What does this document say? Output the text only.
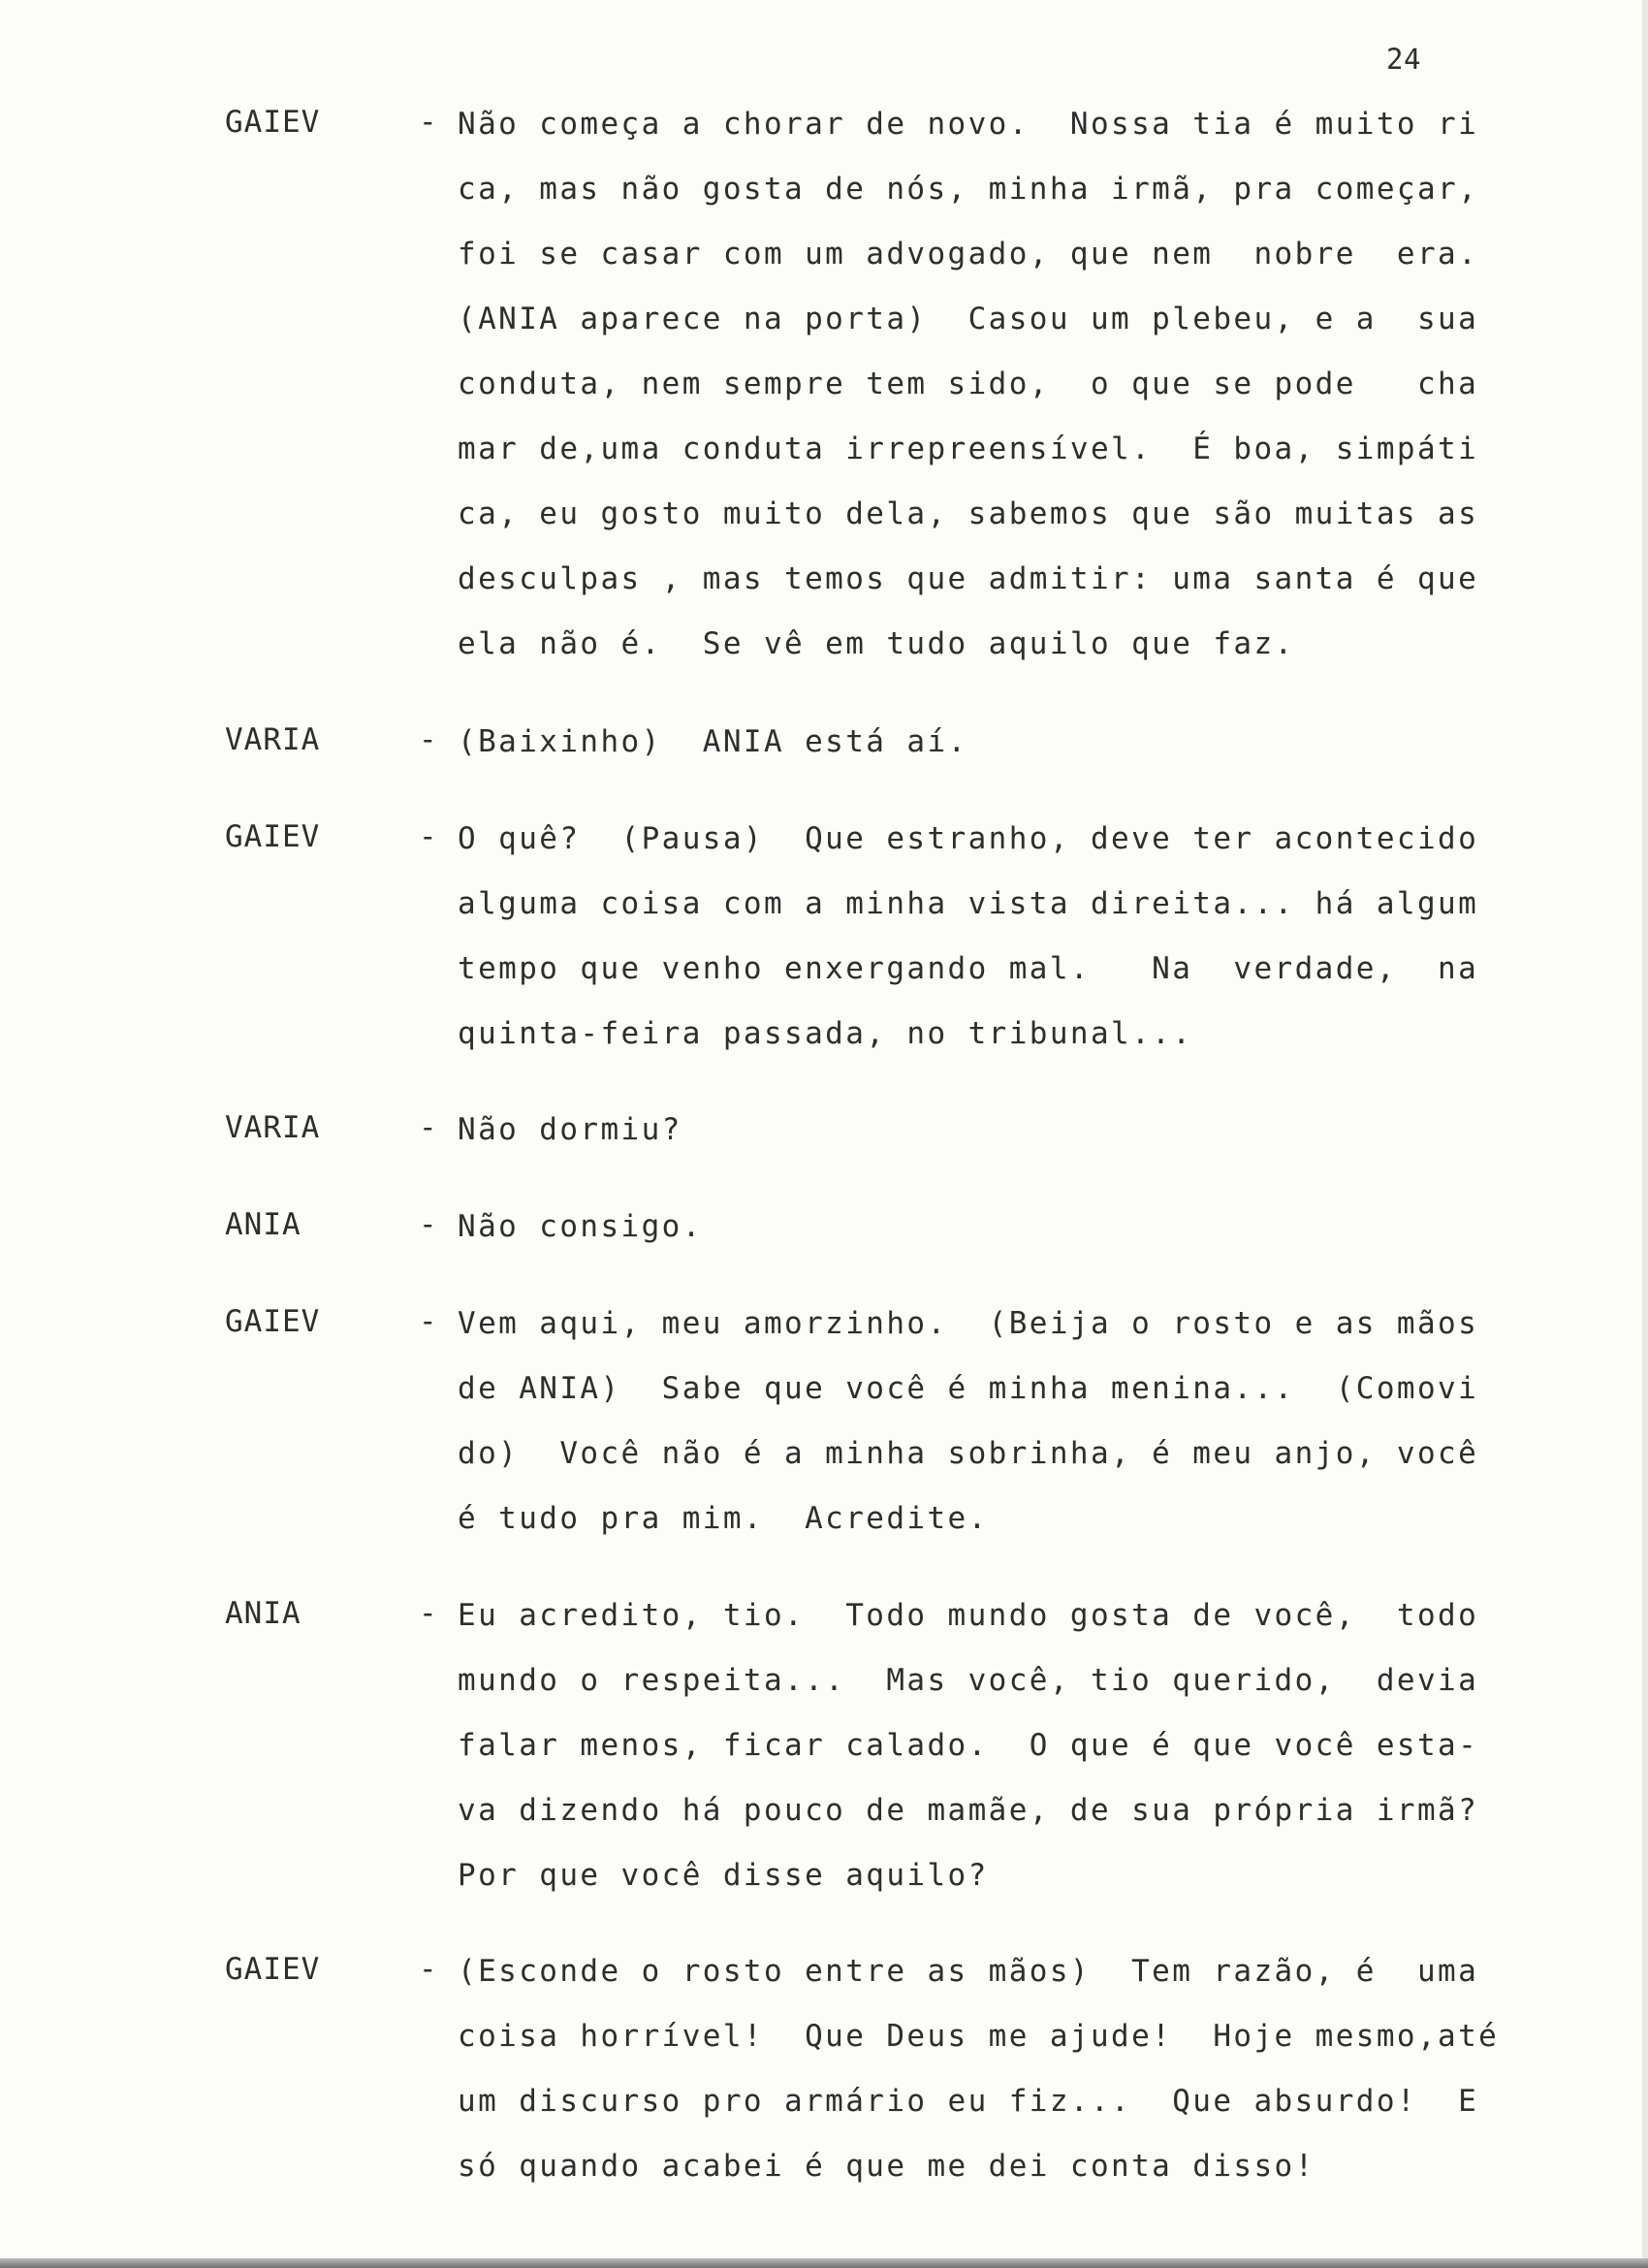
24
GAIEV	- Não começa a chorar de novo.  Nossa tia é muito ri
ca, mas não gosta de nós, minha irmã, pra começar,
foi se casar com um advogado, que nem  nobre  era.
(ANIA aparece na porta)  Casou um plebeu, e a  sua
conduta, nem sempre tem sido,  o que se pode   cha
mar de,uma conduta irrepreensível.  É boa, simpáti
ca, eu gosto muito dela, sabemos que são muitas as
desculpas , mas temos que admitir: uma santa é que
ela não é.  Se vê em tudo aquilo que faz.
VARIA	- (Baixinho)  ANIA está aí.
GAIEV	- O quê?  (Pausa)  Que estranho, deve ter acontecido
alguma coisa com a minha vista direita... há algum
tempo que venho enxergando mal.   Na  verdade,  na
quinta-feira passada, no tribunal...
VARIA	- Não dormiu?
ANIA	- Não consigo.
GAIEV	- Vem aqui, meu amorzinho.  (Beija o rosto e as mãos
de ANIA)  Sabe que você é minha menina...  (Comovi
do)  Você não é a minha sobrinha, é meu anjo, você
é tudo pra mim.  Acredite.
ANIA	- Eu acredito, tio.  Todo mundo gosta de você,  todo
mundo o respeita...  Mas você, tio querido,  devia
falar menos, ficar calado.  O que é que você esta-
va dizendo há pouco de mamãe, de sua própria irmã?
Por que você disse aquilo?
GAIEV	- (Esconde o rosto entre as mãos)  Tem razão, é  uma
coisa horrível!  Que Deus me ajude!  Hoje mesmo,até
um discurso pro armário eu fiz...  Que absurdo!  E
só quando acabei é que me dei conta disso!
